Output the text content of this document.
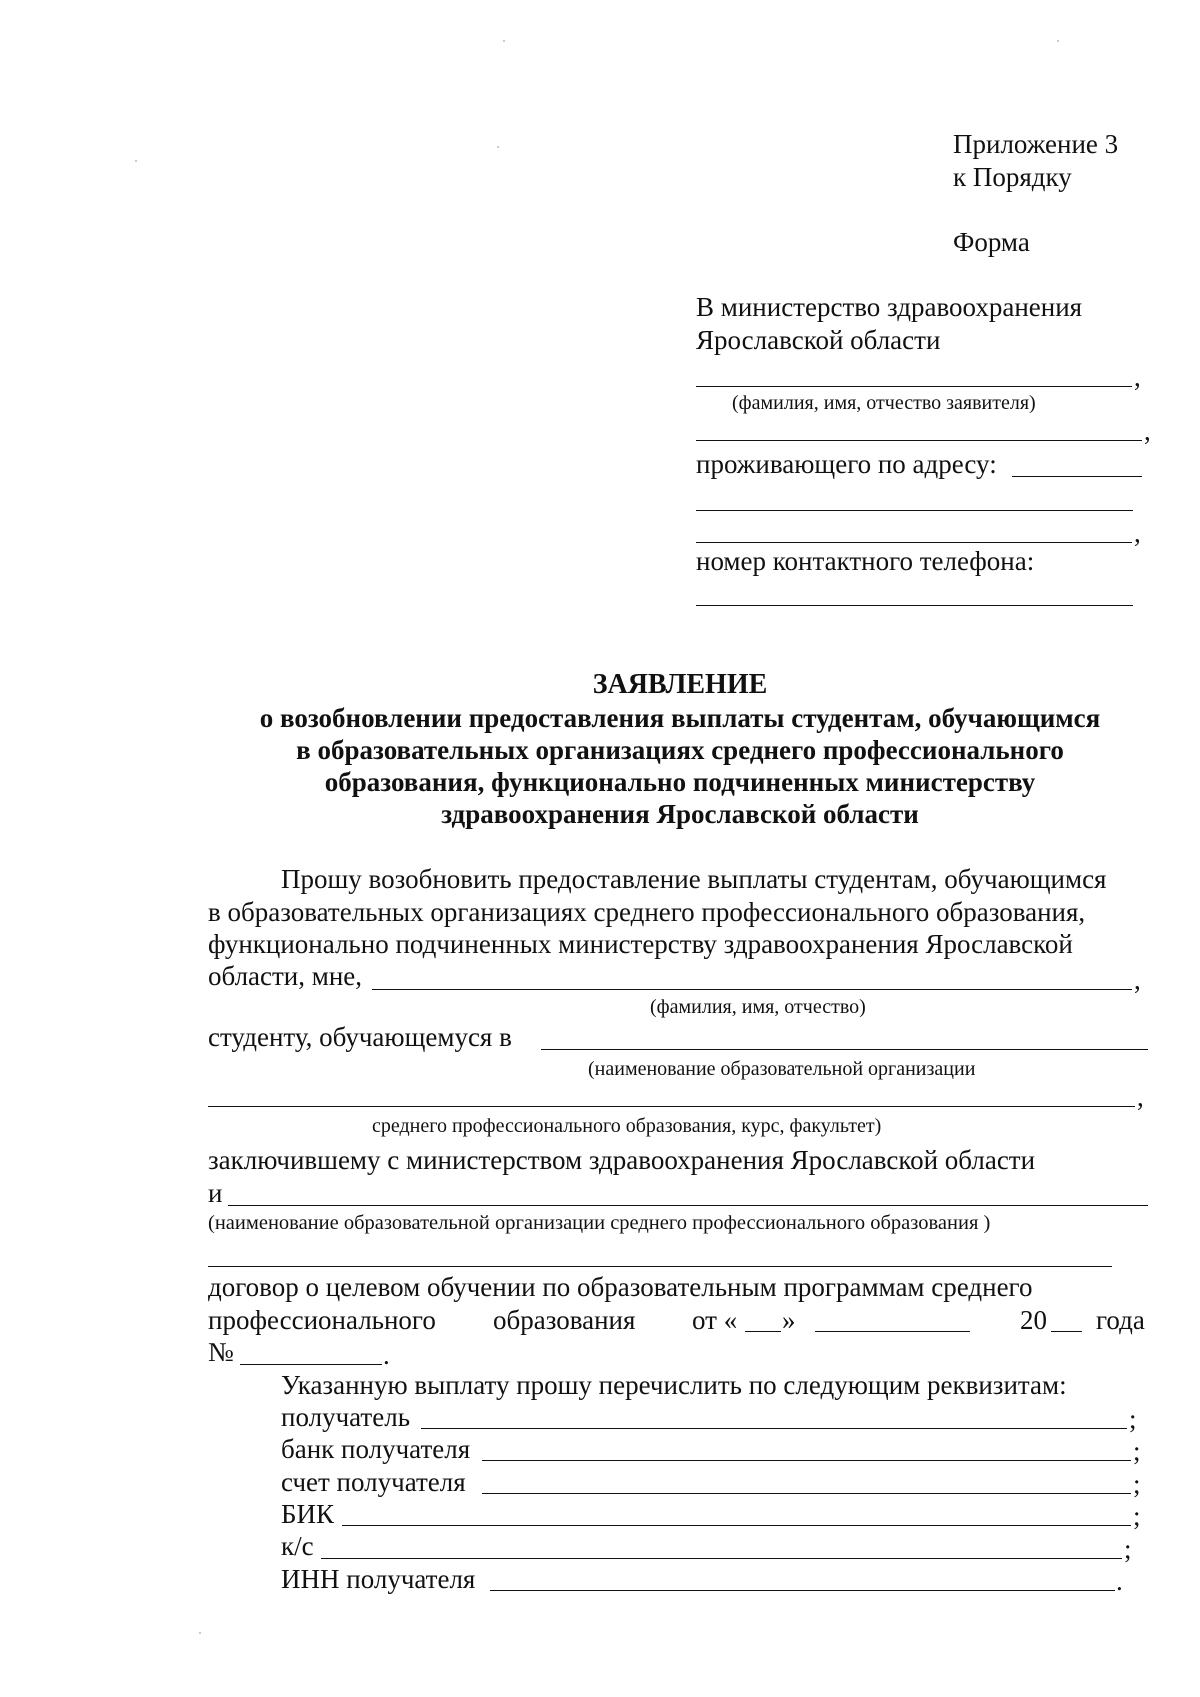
Приложение 3
к Порядку
Форма
В министерство здравоохранения
Ярославской области
,
(фамилия, имя, отчество заявителя)
,
проживающего по адресу:
,
номер контактного телефона:
ЗАЯВЛЕНИЕ
о возобновлении предоставления выплаты студентам, обучающимся
в образовательных организациях среднего профессионального
образования, функционально подчиненных министерству
здравоохранения Ярославской области
Прошу возобновить предоставление выплаты студентам, обучающимся
в образовательных организациях среднего профессионального образования,
функционально подчиненных министерству здравоохранения Ярославской
области, мне,	,
(фамилия, имя, отчество)
студенту, обучающемуся в
(наименование образовательной организации
,
среднего профессионального образования, курс, факультет)
заключившему с министерством здравоохранения Ярославской области
и
(наименование образовательной организации среднего профессионального образования )
договор о целевом обучении по образовательным программам среднего
профессионального образования от « »	20 года
№	.
Указанную выплату прошу перечислить по следующим реквизитам:
получатель	;
банк получателя	;
счет получателя	;
БИК	;
к/с	;
ИНН получателя	.
